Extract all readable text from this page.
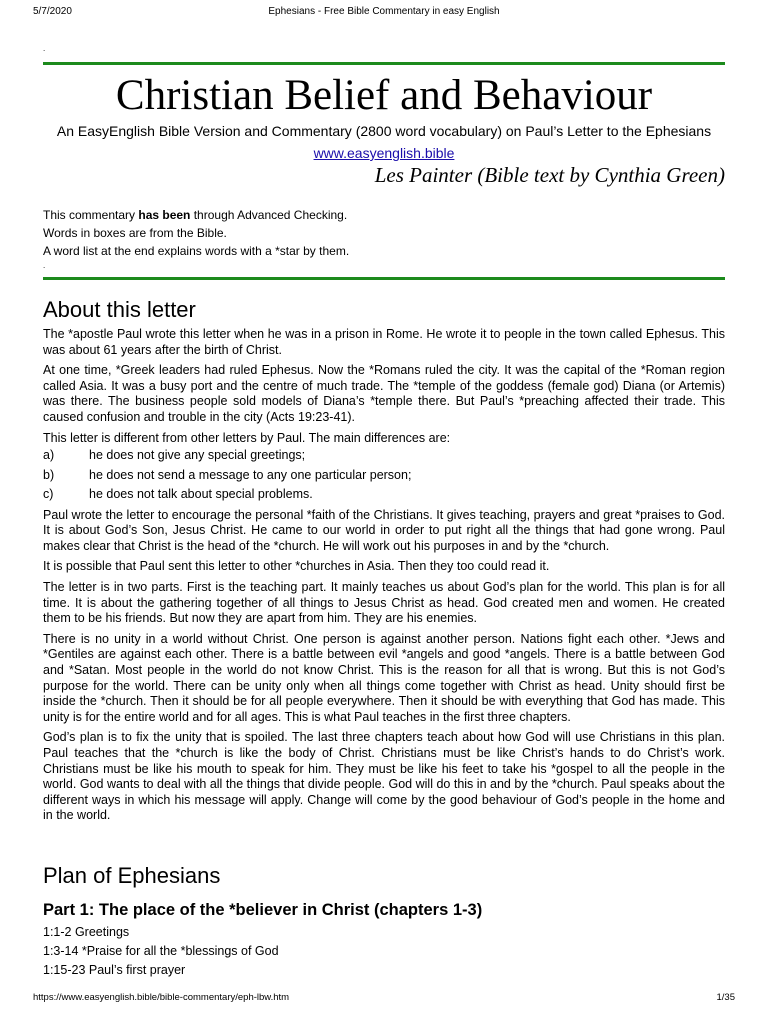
5/7/2020	Ephesians - Free Bible Commentary in easy English
.
Christian Belief and Behaviour

An EasyEnglish Bible Version and Commentary (2800 word vocabulary) on Paul’s Letter to the Ephesians

www.easyenglish.bible

Les Painter (Bible text by Cynthia Green)

This commentary has been through Advanced Checking.

Words in boxes are from the Bible.

A word list at the end explains words with a *star by them.

.
About this letter

The *apostle Paul wrote this letter when he was in a prison in Rome. He wrote it to people in the town called Ephesus. This was about 61 years after the birth of Christ.

At one time, *Greek leaders had ruled Ephesus. Now the *Romans ruled the city. It was the capital of the *Roman region called Asia. It was a busy port and the centre of much trade. The *temple of the goddess (female god) Diana (or Artemis) was there. The business people sold models of Diana’s *temple there. But Paul’s *preaching affected their trade. This caused confusion and trouble in the city (Acts 19:23-41).

This letter is different from other letters by Paul. The main differences are:

a)	he does not give any special greetings;
b)	he does not send a message to any one particular person;
c)	he does not talk about special problems.

Paul wrote the letter to encourage the personal *faith of the Christians. It gives teaching, prayers and great *praises to God. It is about God’s Son, Jesus Christ. He came to our world in order to put right all the things that had gone wrong. Paul makes clear that Christ is the head of the *church. He will work out his purposes in and by the *church.

It is possible that Paul sent this letter to other *churches in Asia. Then they too could read it.

The letter is in two parts. First is the teaching part. It mainly teaches us about God’s plan for the world. This plan is for all time. It is about the gathering together of all things to Jesus Christ as head. God created men and women. He created them to be his friends. But now they are apart from him. They are his enemies.

There is no unity in a world without Christ. One person is against another person. Nations fight each other. *Jews and *Gentiles are against each other. There is a battle between evil *angels and good *angels. There is a battle between God and *Satan. Most people in the world do not know Christ. This is the reason for all that is wrong. But this is not God’s purpose for the world. There can be unity only when all things come together with Christ as head. Unity should first be inside the *church. Then it should be for all people everywhere. Then it should be with everything that God has made. This unity is for the entire world and for all ages. This is what Paul teaches in the first three chapters.

God’s plan is to fix the unity that is spoiled. The last three chapters teach about how God will use Christians in this plan. Paul teaches that the *church is like the body of Christ. Christians must be like Christ’s hands to do Christ’s work. Christians must be like his mouth to speak for him. They must be like his feet to take his *gospel to all the people in the world. God wants to deal with all the things that divide people. God will do this in and by the *church. Paul speaks about the different ways in which his message will apply. Change will come by the good behaviour of God’s people in the home and in the world.

Plan of Ephesians
Part 1: The place of the *believer in Christ (chapters 1-3)

1:1-2 Greetings

1:3-14 *Praise for all the *blessings of God

1:15-23 Paul’s first prayer

https://www.easyenglish.bible/bible-commentary/eph-lbw.htm	1/35
